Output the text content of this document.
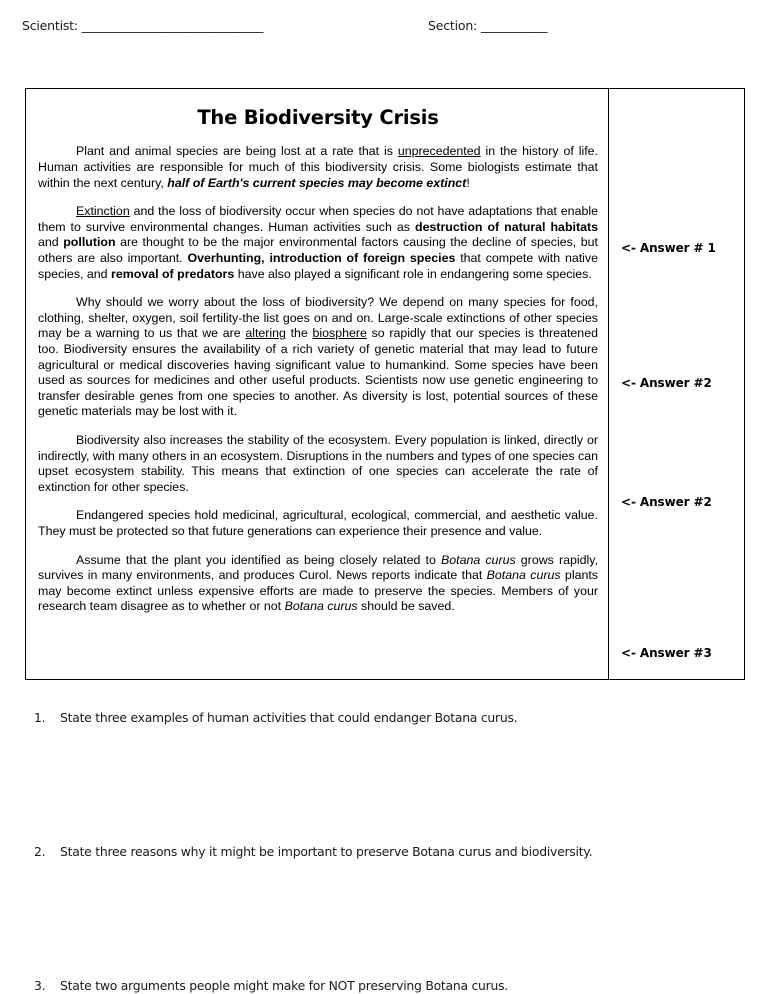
Scientist: ______________________________	Section: ___________
The Biodiversity Crisis

Plant and animal species are being lost at a rate that is unprecedented in the history of life. Human activities are responsible for much of this biodiversity crisis. Some biologists estimate that within the next century, half of Earth's current species may become extinct!

Extinction and the loss of biodiversity occur when species do not have adaptations that enable them to survive environmental changes. Human activities such as destruction of natural habitats and pollution are thought to be the major environmental factors causing the decline of species, but others are also important. Overhunting, introduction of foreign species that compete with native species, and removal of predators have also played a significant role in endangering some species.

Why should we worry about the loss of biodiversity? We depend on many species for food, clothing, shelter, oxygen, soil fertility-the list goes on and on. Large-scale extinctions of other species may be a warning to us that we are altering the biosphere so rapidly that our species is threatened too. Biodiversity ensures the availability of a rich variety of genetic material that may lead to future agricultural or medical discoveries having significant value to humankind. Some species have been used as sources for medicines and other useful products. Scientists now use genetic engineering to transfer desirable genes from one species to another. As diversity is lost, potential sources of these genetic materials may be lost with it.

Biodiversity also increases the stability of the ecosystem. Every population is linked, directly or indirectly, with many others in an ecosystem. Disruptions in the numbers and types of one species can upset ecosystem stability. This means that extinction of one species can accelerate the rate of extinction for other species.

Endangered species hold medicinal, agricultural, ecological, commercial, and aesthetic value. They must be protected so that future generations can experience their presence and value.

Assume that the plant you identified as being closely related to Botana curus grows rapidly, survives in many environments, and produces Curol. News reports indicate that Botana curus plants may become extinct unless expensive efforts are made to preserve the species. Members of your research team disagree as to whether or not Botana curus should be saved.

<- Answer # 1
<- Answer #2
<- Answer #2
<- Answer #3
1.	State three examples of human activities that could endanger Botana curus.
2.	State three reasons why it might be important to preserve Botana curus and biodiversity.
3.	State two arguments people might make for NOT preserving Botana curus.
